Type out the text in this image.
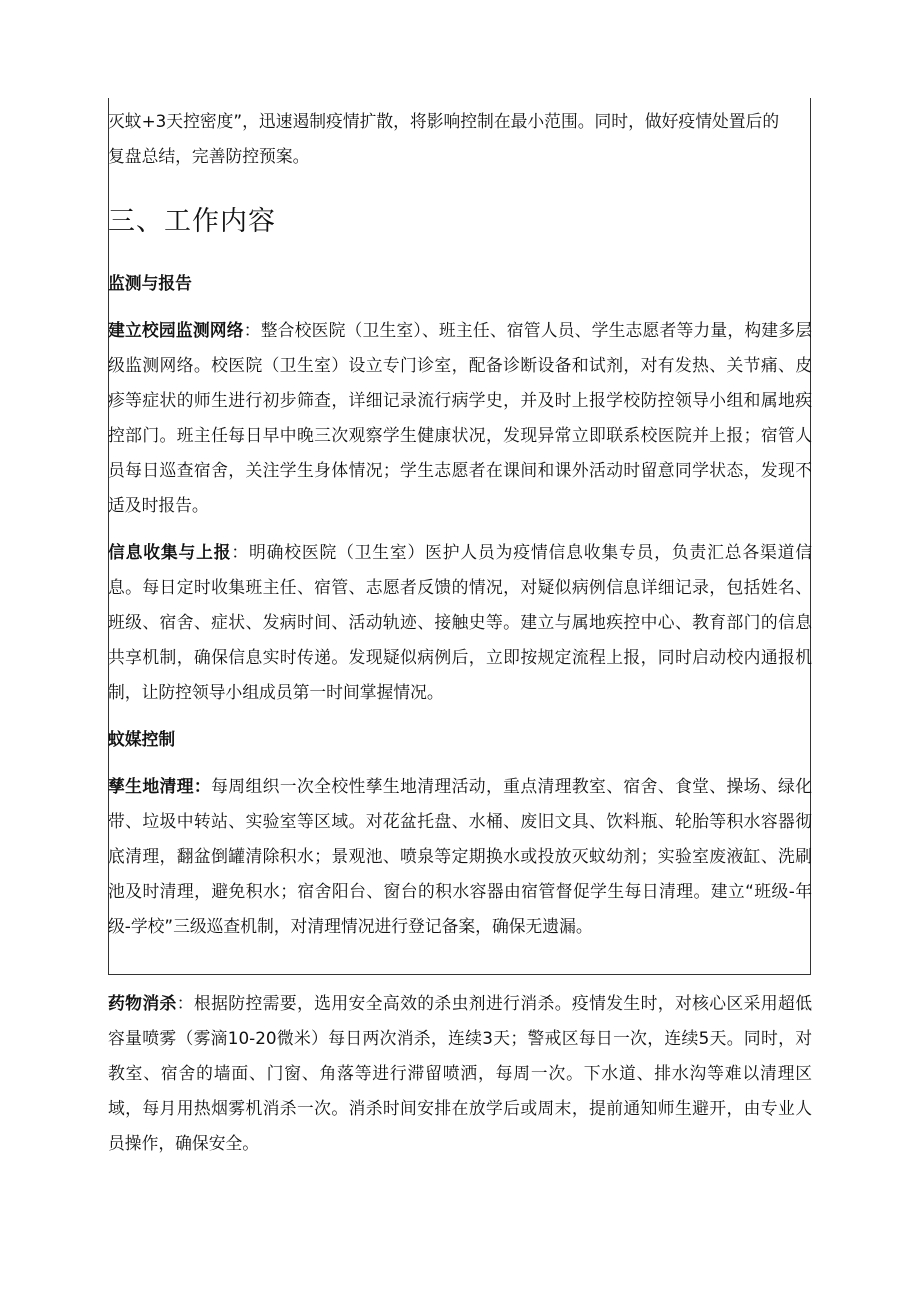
灭蚊+3天控密度”，迅速遏制疫情扩散，将影响控制在最小范围。同时，做好疫情处置后的
复盘总结，完善防控预案。

三、工作内容
监测与报告

建立校园监测网络：整合校医院（卫生室）、班主任、宿管人员、学生志愿者等力量，构建多层级监测网络。校医院（卫生室）设立专门诊室，配备诊断设备和试剂，对有发热、关节痛、皮疹等症状的师生进行初步筛查，详细记录流行病学史，并及时上报学校防控领导小组和属地疾控部门。班主任每日早中晚三次观察学生健康状况，发现异常立即联系校医院并上报；宿管人员每日巡查宿舍，关注学生身体情况；学生志愿者在课间和课外活动时留意同学状态，发现不适及时报告。

信息收集与上报：明确校医院（卫生室）医护人员为疫情信息收集专员，负责汇总各渠道信息。每日定时收集班主任、宿管、志愿者反馈的情况，对疑似病例信息详细记录，包括姓名、班级、宿舍、症状、发病时间、活动轨迹、接触史等。建立与属地疾控中心、教育部门的信息共享机制，确保信息实时传递。发现疑似病例后，立即按规定流程上报，同时启动校内通报机制，让防控领导小组成员第一时间掌握情况。

蚊媒控制

孳生地清理：每周组织一次全校性孳生地清理活动，重点清理教室、宿舍、食堂、操场、绿化带、垃圾中转站、实验室等区域。对花盆托盘、水桶、废旧文具、饮料瓶、轮胎等积水容器彻底清理，翻盆倒罐清除积水；景观池、喷泉等定期换水或投放灭蚊幼剂；实验室废液缸、洗刷池及时清理，避免积水；宿舍阳台、窗台的积水容器由宿管督促学生每日清理。建立“班级-年级-学校”三级巡查机制，对清理情况进行登记备案，确保无遗漏。

药物消杀：根据防控需要，选用安全高效的杀虫剂进行消杀。疫情发生时，对核心区采用超低容量喷雾（雾滴10-20微米）每日两次消杀，连续3天；警戒区每日一次，连续5天。同时，对教室、宿舍的墙面、门窗、角落等进行滞留喷洒，每周一次。下水道、排水沟等难以清理区域，每月用热烟雾机消杀一次。消杀时间安排在放学后或周末，提前通知师生避开，由专业人员操作，确保安全。
